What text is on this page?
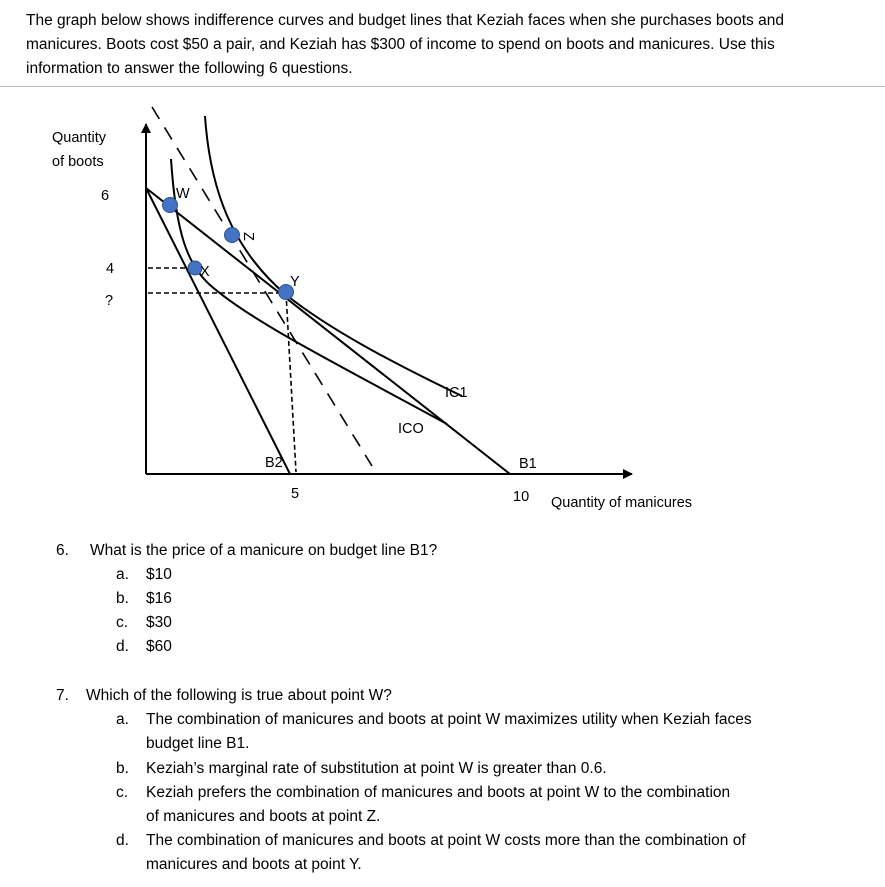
The graph below shows indifference curves and budget lines that Keziah faces when she purchases boots and manicures. Boots cost $50 a pair, and Keziah has $300 of income to spend on boots and manicures. Use this information to answer the following 6 questions.
Quantity
of boots
Quantity of manicures
6
4
?
5	10
IC1
ICO
B2	B1
W
Z
X
Y
6. What is the price of a manicure on budget line B1?
a. $10
b. $16
c. $30
d. $60
7. Which of the following is true about point W?
a. The combination of manicures and boots at point W maximizes utility when Keziah faces
budget line B1.
b. Keziah’s marginal rate of substitution at point W is greater than 0.6.
c. Keziah prefers the combination of manicures and boots at point W to the combination
of manicures and boots at point Z.
d. The combination of manicures and boots at point W costs more than the combination of
manicures and boots at point Y.
